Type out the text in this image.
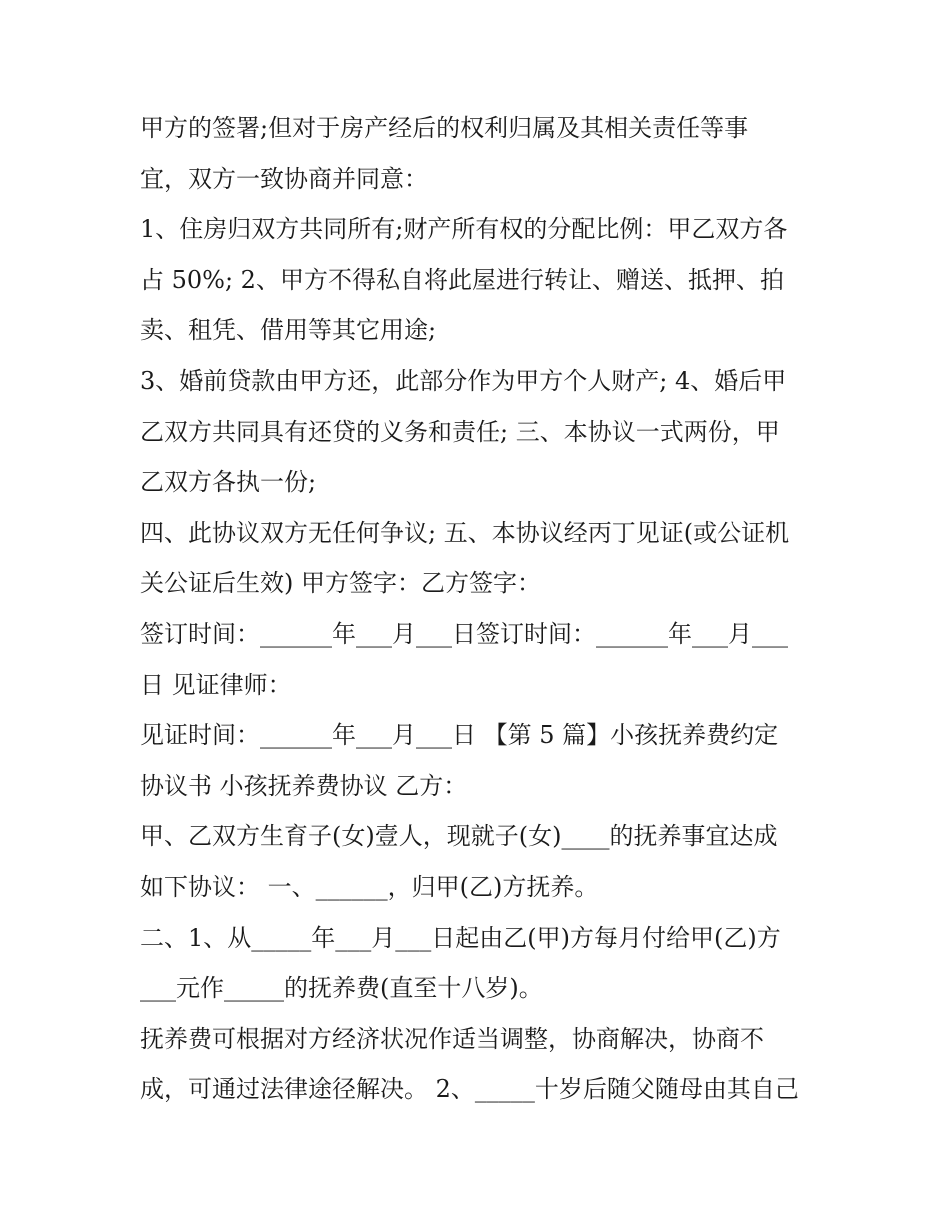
甲方的签署;但对于房产经后的权利归属及其相关责任等事
宜，双方一致协商并同意：
1、住房归双方共同所有;财产所有权的分配比例：甲乙双方各
占 50%; 2、甲方不得私自将此屋进行转让、赠送、抵押、拍
卖、租凭、借用等其它用途;
3、婚前贷款由甲方还，此部分作为甲方个人财产; 4、婚后甲
乙双方共同具有还贷的义务和责任; 三、本协议一式两份，甲
乙双方各执一份;
四、此协议双方无任何争议; 五、本协议经丙丁见证(或公证机
关公证后生效) 甲方签字：乙方签字：
签订时间：______年___月___日签订时间：______年___月___
日 见证律师：
见证时间：______年___月___日 【第 5 篇】小孩抚养费约定
协议书 小孩抚养费协议 乙方：
甲、乙双方生育子(女)壹人，现就子(女)____的抚养事宜达成
如下协议： 一、______，归甲(乙)方抚养。
二、1、从_____年___月___日起由乙(甲)方每月付给甲(乙)方
___元作_____的抚养费(直至十八岁)。
抚养费可根据对方经济状况作适当调整，协商解决，协商不
成，可通过法律途径解决。 2、_____十岁后随父随母由其自己
